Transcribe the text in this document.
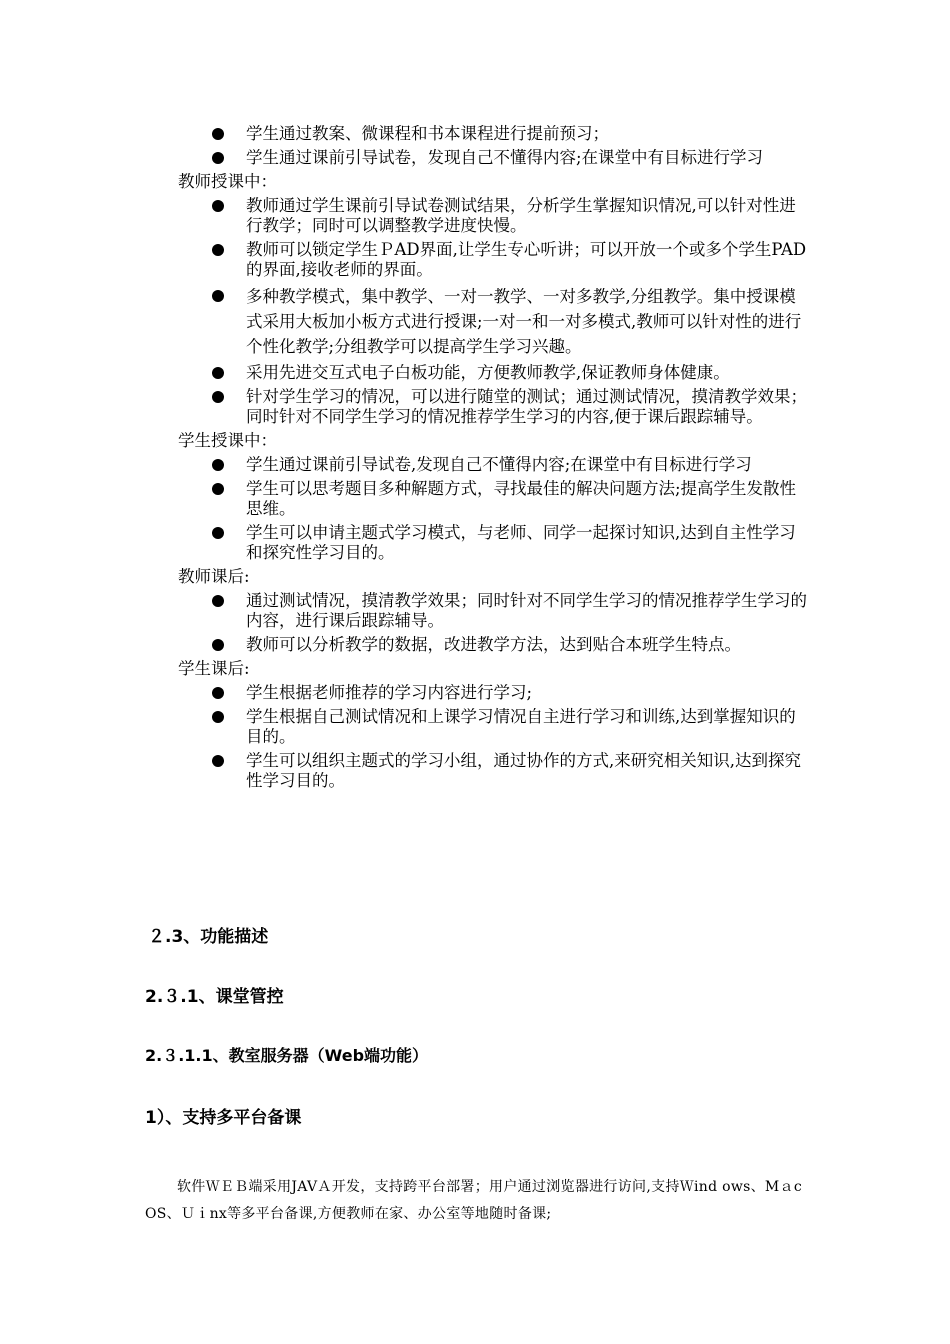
学生通过教案、微课程和书本课程进行提前预习；
学生通过课前引导试卷，发现自己不懂得内容;在课堂中有目标进行学习
教师授课中：
教师通过学生课前引导试卷测试结果，分析学生掌握知识情况,可以针对性进行教学；同时可以调整教学进度快慢。
教师可以锁定学生ＰAD界面,让学生专心听讲；可以开放一个或多个学生PAD的界面,接收老师的界面。
多种教学模式，集中教学、一对一教学、一对多教学,分组教学。集中授课模式采用大板加小板方式进行授课;一对一和一对多模式,教师可以针对性的进行个性化教学;分组教学可以提高学生学习兴趣。
采用先进交互式电子白板功能，方便教师教学,保证教师身体健康。
针对学生学习的情况，可以进行随堂的测试；通过测试情况，摸清教学效果；同时针对不同学生学习的情况推荐学生学习的内容,便于课后跟踪辅导。
学生授课中：
学生通过课前引导试卷,发现自己不懂得内容;在课堂中有目标进行学习
学生可以思考题目多种解题方式，寻找最佳的解决问题方法;提高学生发散性思维。
学生可以申请主题式学习模式，与老师、同学一起探讨知识,达到自主性学习和探究性学习目的。
教师课后:
通过测试情况，摸清教学效果；同时针对不同学生学习的情况推荐学生学习的内容，进行课后跟踪辅导。
教师可以分析教学的数据，改进教学方法，达到贴合本班学生特点。
学生课后:
学生根据老师推荐的学习内容进行学习;
学生根据自己测试情况和上课学习情况自主进行学习和训练,达到掌握知识的目的。
学生可以组织主题式的学习小组，通过协作的方式,来研究相关知识,达到探究性学习目的。
２.3、功能描述
2.３.1、课堂管控
2.３.1.1、教室服务器（Web端功能）
1）、支持多平台备课

软件ＷＥＢ端采用JAVＡ开发，支持跨平台部署；用户通过浏览器进行访问,支持Ｗind ows、Mａc OS、Ｕｉnx等多平台备课,方便教师在家、办公室等地随时备课;
